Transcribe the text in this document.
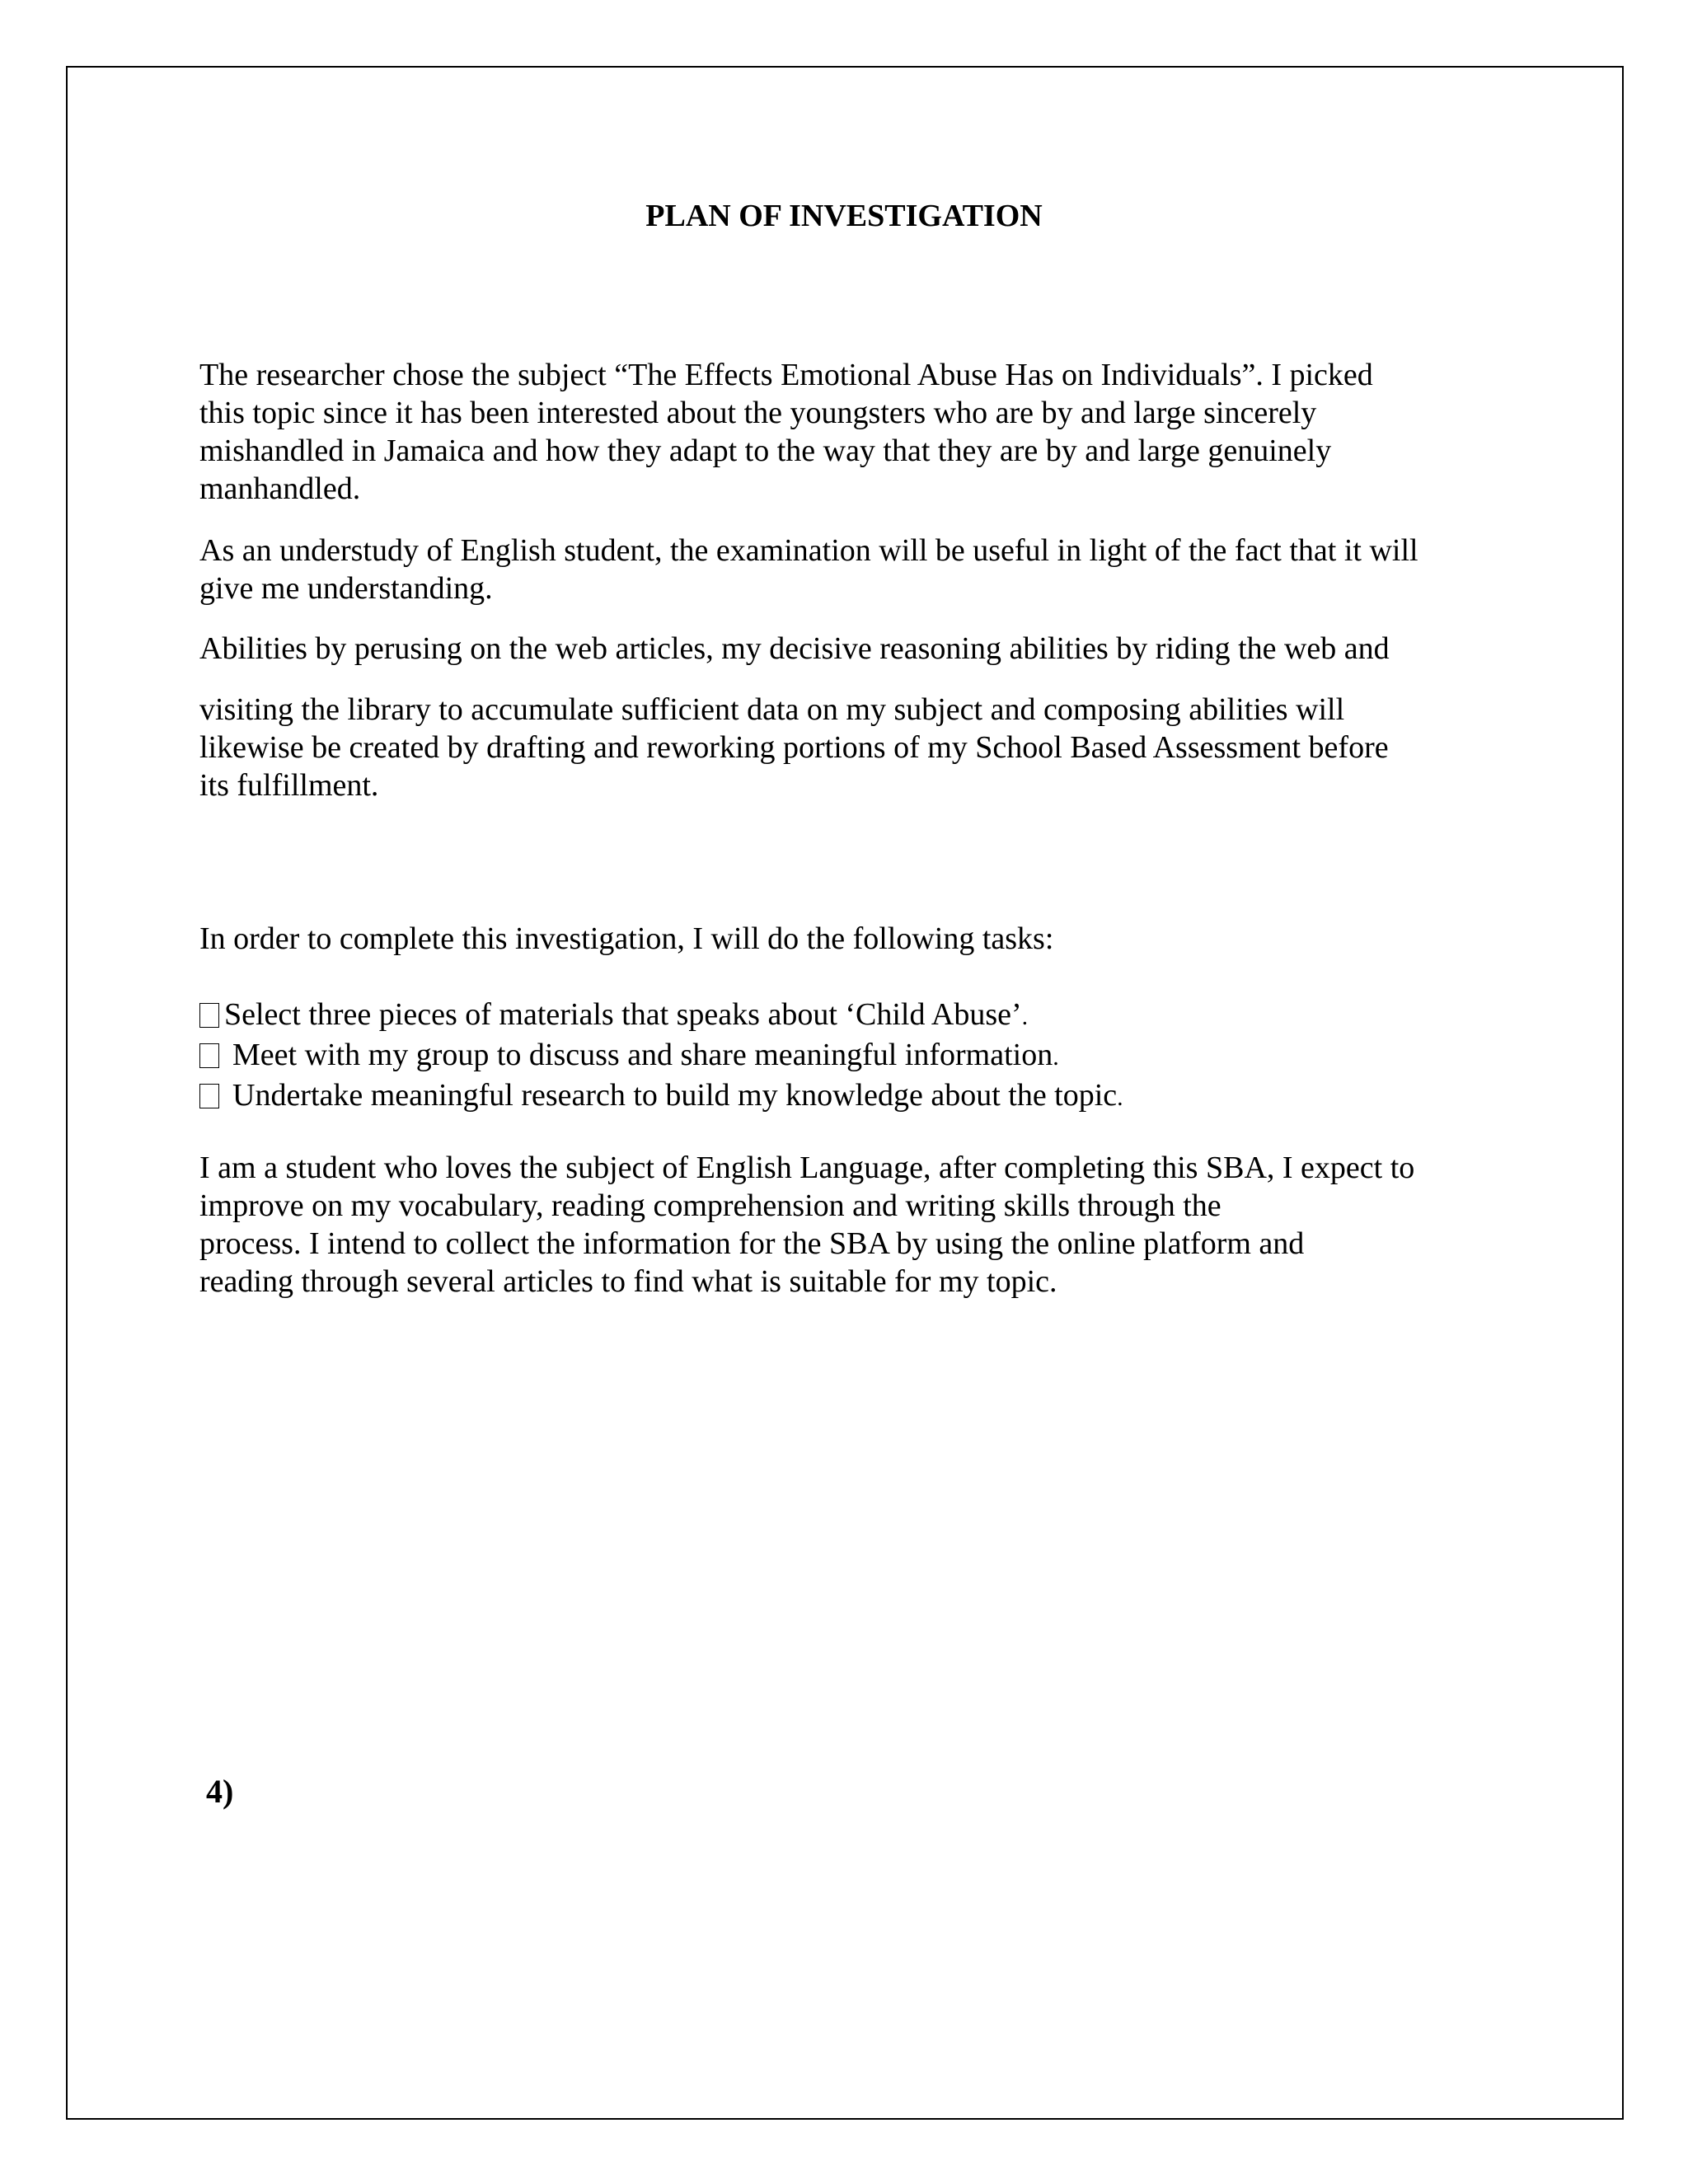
PLAN OF INVESTIGATION
The researcher chose the subject “The Effects Emotional Abuse Has on Individuals”. I picked
this topic since it has been interested about the youngsters who are by and large sincerely
mishandled in Jamaica and how they adapt to the way that they are by and large genuinely
manhandled.
As an understudy of English student, the examination will be useful in light of the fact that it will
give me understanding.
Abilities by perusing on the web articles, my decisive reasoning abilities by riding the web and
visiting the library to accumulate sufficient data on my subject and composing abilities will
likewise be created by drafting and reworking portions of my School Based Assessment before
its fulfillment.
In order to complete this investigation, I will do the following tasks:
Select three pieces of materials that speaks about ‘Child Abuse’.
Meet with my group to discuss and share meaningful information.
Undertake meaningful research to build my knowledge about the topic.
I am a student who loves the subject of English Language, after completing this SBA, I expect to
improve on my vocabulary, reading comprehension and writing skills through the
process. I intend to collect the information for the SBA by using the online platform and
reading through several articles to find what is suitable for my topic.
4)
